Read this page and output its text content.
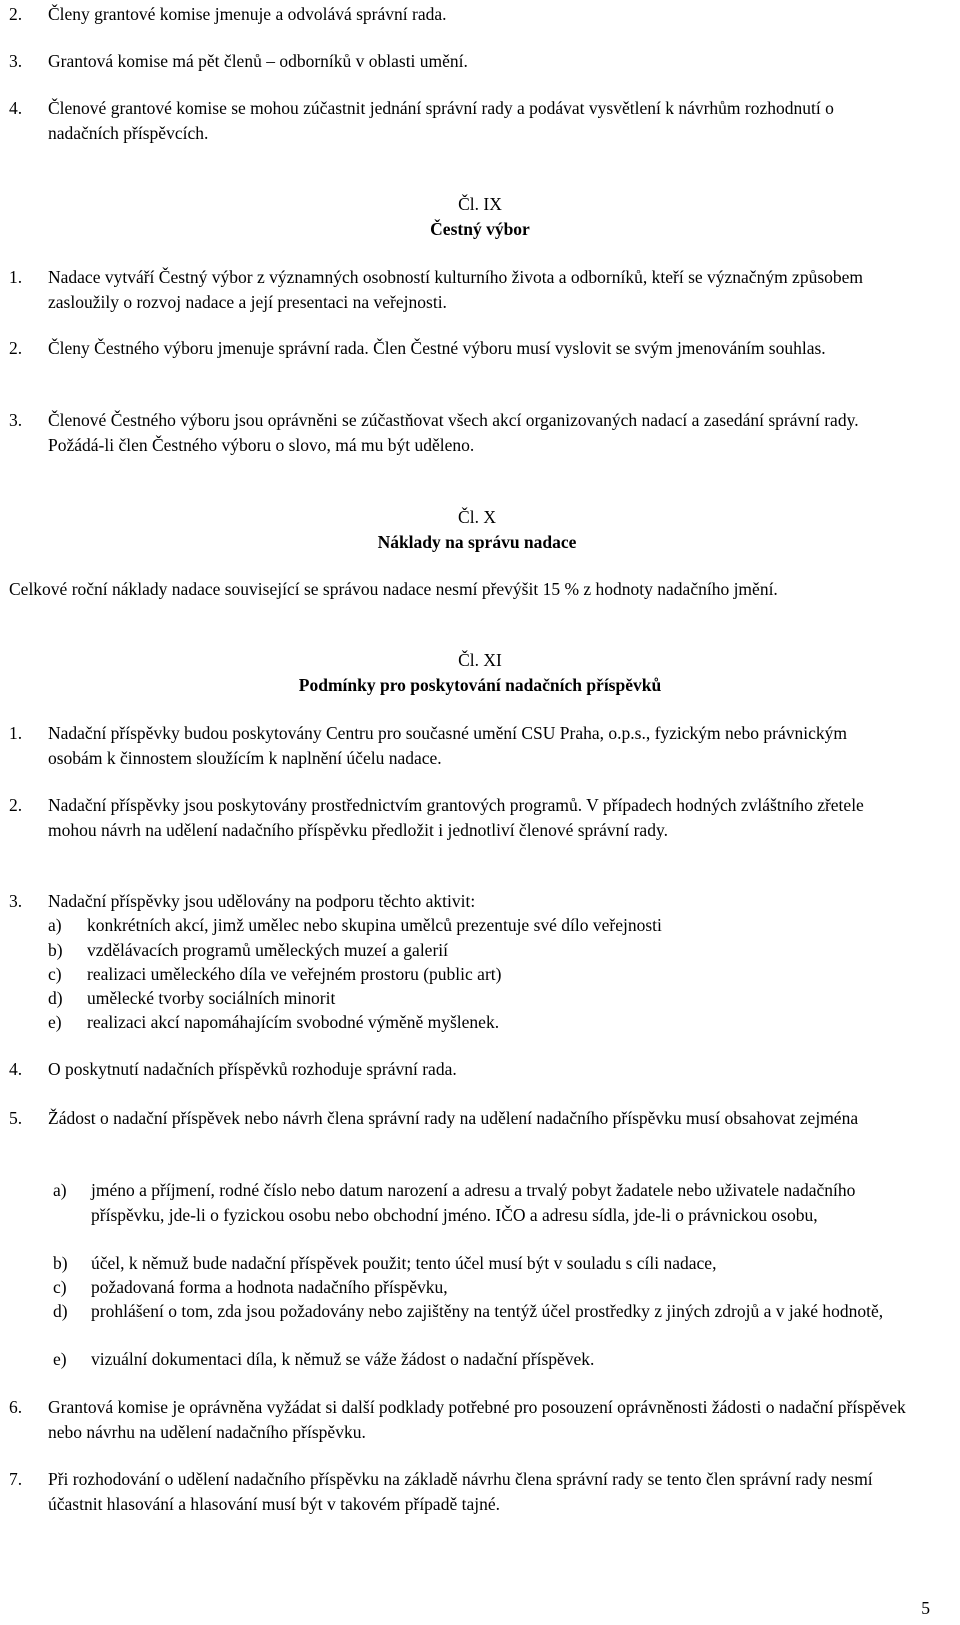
2. Členy grantové komise jmenuje a odvolává správní rada.
3. Grantová komise má pět členů – odborníků v oblasti umění.
4. Členové grantové komise se mohou zúčastnit jednání správní rady a podávat vysvětlení k návrhům rozhodnutí o nadačních příspěvcích.
Čl. IX
Čestný výbor
1. Nadace vytváří Čestný výbor z významných osobností kulturního života a odborníků, kteří se význačným způsobem zasloužily o rozvoj nadace a její presentaci na veřejnosti.
2. Členy Čestného výboru jmenuje správní rada. Člen Čestné výboru musí vyslovit se svým jmenováním souhlas.
3. Členové Čestného výboru jsou oprávněni se zúčastňovat všech akcí organizovaných nadací a zasedání správní rady. Požádá-li člen Čestného výboru o slovo, má mu být uděleno.
Čl. X
Náklady na správu nadace
Celkové roční náklady nadace související se správou nadace nesmí převýšit 15 % z hodnoty nadačního jmění.
Čl. XI
Podmínky pro poskytování nadačních příspěvků
1. Nadační příspěvky budou poskytovány Centru pro současné umění CSU Praha, o.p.s., fyzickým nebo právnickým osobám k činnostem sloužícím k naplnění účelu nadace.
2. Nadační příspěvky jsou poskytovány prostřednictvím grantových programů. V případech hodných zvláštního zřetele mohou návrh na udělení nadačního příspěvku předložit i jednotliví členové správní rady.
3. Nadační příspěvky jsou udělovány na podporu těchto aktivit:
a) konkrétních akcí, jimž umělec nebo skupina umělců prezentuje své dílo veřejnosti
b) vzdělávacích programů uměleckých muzeí a galerií
c) realizaci uměleckého díla ve veřejném prostoru (public art)
d) umělecké tvorby sociálních minorit
e) realizaci akcí napomáhajícím svobodné výměně myšlenek.
4. O poskytnutí nadačních příspěvků rozhoduje správní rada.
5. Žádost o nadační příspěvek nebo návrh člena správní rady na udělení nadačního příspěvku musí obsahovat zejména
a) jméno a příjmení, rodné číslo nebo datum narození a adresu a trvalý pobyt žadatele nebo uživatele nadačního příspěvku, jde-li o fyzickou osobu nebo obchodní jméno. IČO a adresu sídla, jde-li o právnickou osobu,
b) účel, k němuž bude nadační příspěvek použit; tento účel musí být v souladu s cíli nadace,
c) požadovaná forma a hodnota nadačního příspěvku,
d) prohlášení o tom, zda jsou požadovány nebo zajištěny na tentýž účel prostředky z jiných zdrojů a v jaké hodnotě,
e) vizuální dokumentaci díla, k němuž se váže žádost o nadační příspěvek.
6. Grantová komise je oprávněna vyžádat si další podklady potřebné pro posouzení oprávněnosti žádosti o nadační příspěvek nebo návrhu na udělení nadačního příspěvku.
7. Při rozhodování o udělení nadačního příspěvku na základě návrhu člena správní rady se tento člen správní rady nesmí účastnit hlasování a hlasování musí být v takovém případě tajné.
5
